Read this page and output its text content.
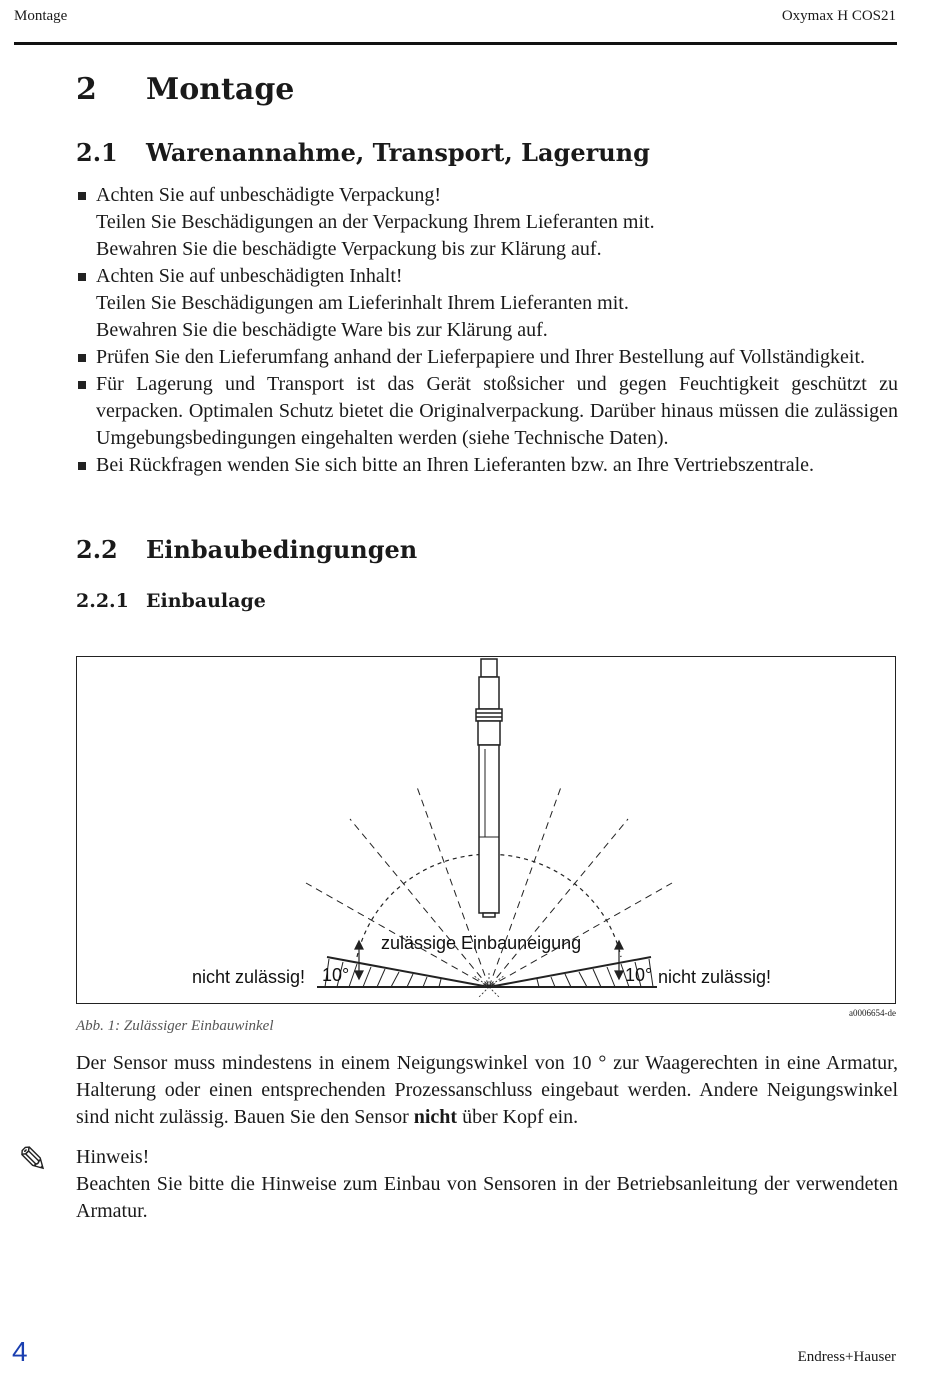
Montage	Oxymax H COS21
2 Montage
2.1 Warenannahme, Transport, Lagerung
Achten Sie auf unbeschädigte Verpackung!
Teilen Sie Beschädigungen an der Verpackung Ihrem Lieferanten mit.
Bewahren Sie die beschädigte Verpackung bis zur Klärung auf.
Achten Sie auf unbeschädigten Inhalt!
Teilen Sie Beschädigungen am Lieferinhalt Ihrem Lieferanten mit.
Bewahren Sie die beschädigte Ware bis zur Klärung auf.
Prüfen Sie den Lieferumfang anhand der Lieferpapiere und Ihrer Bestellung auf Vollständigkeit.
Für Lagerung und Transport ist das Gerät stoßsicher und gegen Feuchtigkeit geschützt zu verpacken. Optimalen Schutz bietet die Originalverpackung. Darüber hinaus müssen die zulässigen Umgebungsbedingungen eingehalten werden (siehe Technische Daten).
Bei Rückfragen wenden Sie sich bitte an Ihren Lieferanten bzw. an Ihre Vertriebszentrale.
2.2 Einbaubedingungen
2.2.1 Einbaulage
zulässige Einbauneigung
nicht zulässig! 10°	10° nicht zulässig!
a0006654-de
Abb. 1: Zulässiger Einbauwinkel
Der Sensor muss mindestens in einem Neigungswinkel von 10 ° zur Waagerechten in eine Armatur, Halterung oder einen entsprechenden Prozessanschluss eingebaut werden. Andere Neigungswinkel sind nicht zulässig. Bauen Sie den Sensor nicht über Kopf ein.
✎ Hinweis!
Beachten Sie bitte die Hinweise zum Einbau von Sensoren in der Betriebsanleitung der verwendeten Armatur.
4	Endress+Hauser
